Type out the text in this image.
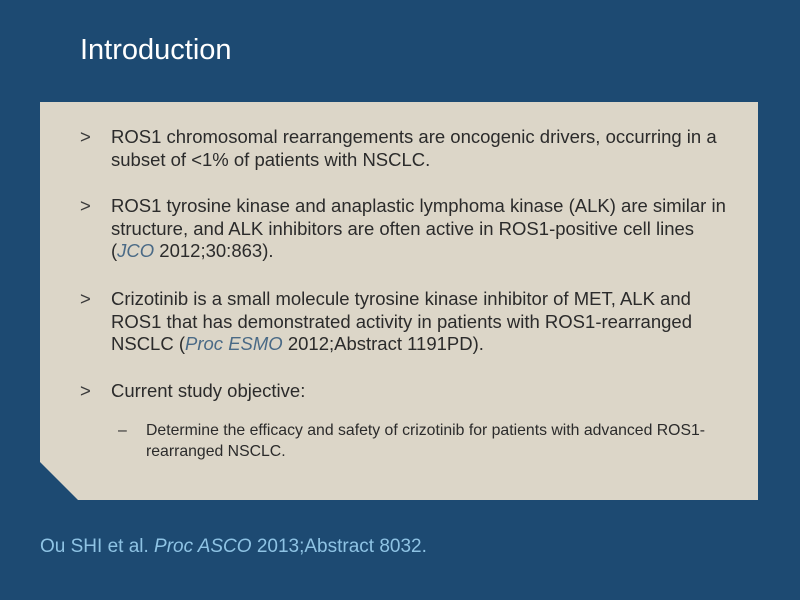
Introduction
>	ROS1 chromosomal rearrangements are oncogenic drivers, occurring in a subset of <1% of patients with NSCLC.
>	ROS1 tyrosine kinase and anaplastic lymphoma kinase (ALK) are similar in structure, and ALK inhibitors are often active in ROS1-positive cell lines (JCO 2012;30:863).
>	Crizotinib is a small molecule tyrosine kinase inhibitor of MET, ALK and ROS1 that has demonstrated activity in patients with ROS1-rearranged NSCLC (Proc ESMO 2012;Abstract 1191PD).
>	Current study objective:
–	Determine the efficacy and safety of crizotinib for patients with advanced ROS1-rearranged NSCLC.
Ou SHI et al. Proc ASCO 2013;Abstract 8032.
